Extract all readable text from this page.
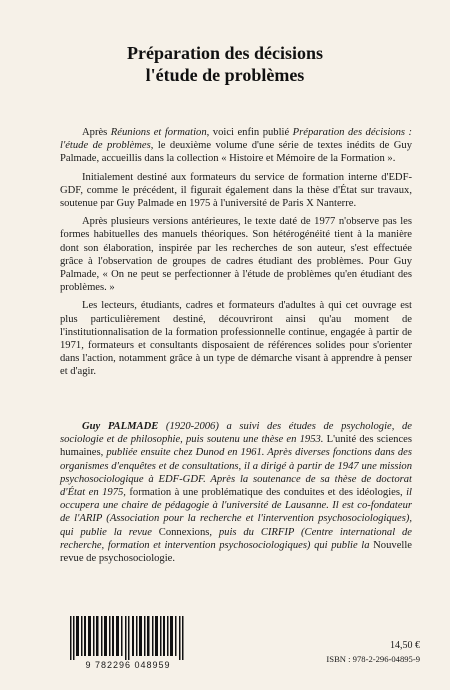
Préparation des décisions
l'étude de problèmes

Après Réunions et formation, voici enfin publié Préparation des décisions : l'étude de problèmes, le deuxième volume d'une série de textes inédits de Guy Palmade, accueillis dans la collection « Histoire et Mémoire de la Formation ».

Initialement destiné aux formateurs du service de formation interne d'EDF-GDF, comme le précédent, il figurait également dans la thèse d'État sur travaux, soutenue par Guy Palmade en 1975 à l'université de Paris X Nanterre.

Après plusieurs versions antérieures, le texte daté de 1977 n'observe pas les formes habituelles des manuels théoriques. Son hétérogénéité tient à la manière dont son élaboration, inspirée par les recherches de son auteur, s'est effectuée grâce à l'observation de groupes de cadres étudiant des problèmes. Pour Guy Palmade, « On ne peut se perfectionner à l'étude de problèmes qu'en étudiant des problèmes. »

Les lecteurs, étudiants, cadres et formateurs d'adultes à qui cet ouvrage est plus particulièrement destiné, découvriront ainsi qu'au moment de l'institutionnalisation de la formation professionnelle continue, engagée à partir de 1971, formateurs et consultants disposaient de références solides pour s'orienter dans l'action, notamment grâce à un type de démarche visant à apprendre à penser et d'agir.

Guy PALMADE (1920-2006) a suivi des études de psychologie, de sociologie et de philosophie, puis soutenu une thèse en 1953. L'unité des sciences humaines, publiée ensuite chez Dunod en 1961. Après diverses fonctions dans des organismes d'enquêtes et de consultations, il a dirigé à partir de 1947 une mission psychosociologique à EDF-GDF. Après la soutenance de sa thèse de doctorat d'État en 1975, formation à une problématique des conduites et des idéologies, il occupera une chaire de pédagogie à l'université de Lausanne. Il est co-fondateur de l'ARIP (Association pour la recherche et l'intervention psychosociologiques), qui publie la revue Connexions, puis du CIRFIP (Centre international de recherche, formation et intervention psychosociologiques) qui publie la Nouvelle revue de psychosociologie.

9 782296 048959
14,50 €
ISBN : 978-2-296-04895-9
